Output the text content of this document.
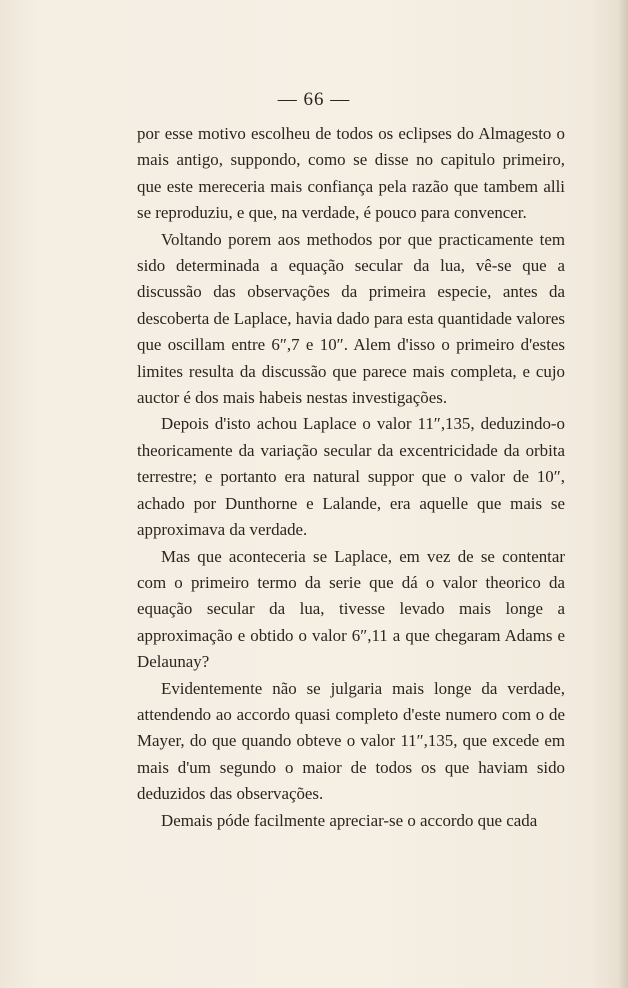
— 66 —

por esse motivo escolheu de todos os eclipses do Almagesto o mais antigo, suppondo, como se disse no capitulo primeiro, que este mereceria mais confiança pela razão que tambem alli se reproduziu, e que, na verdade, é pouco para convencer.

Voltando porem aos methodos por que practicamente tem sido determinada a equação secular da lua, vê-se que a discussão das observações da primeira especie, antes da descoberta de Laplace, havia dado para esta quantidade valores que oscillam entre 6″,7 e 10″. Alem d'isso o primeiro d'estes limites resulta da discussão que parece mais completa, e cujo auctor é dos mais habeis nestas investigações.

Depois d'isto achou Laplace o valor 11″,135, deduzindo-o theoricamente da variação secular da excentricidade da orbita terrestre; e portanto era natural suppor que o valor de 10″, achado por Dunthorne e Lalande, era aquelle que mais se approximava da verdade.

Mas que aconteceria se Laplace, em vez de se contentar com o primeiro termo da serie que dá o valor theorico da equação secular da lua, tivesse levado mais longe a approximação e obtido o valor 6″,11 a que chegaram Adams e Delaunay?

Evidentemente não se julgaria mais longe da verdade, attendendo ao accordo quasi completo d'este numero com o de Mayer, do que quando obteve o valor 11″,135, que excede em mais d'um segundo o maior de todos os que haviam sido deduzidos das observações.

Demais póde facilmente apreciar-se o accordo que cada
